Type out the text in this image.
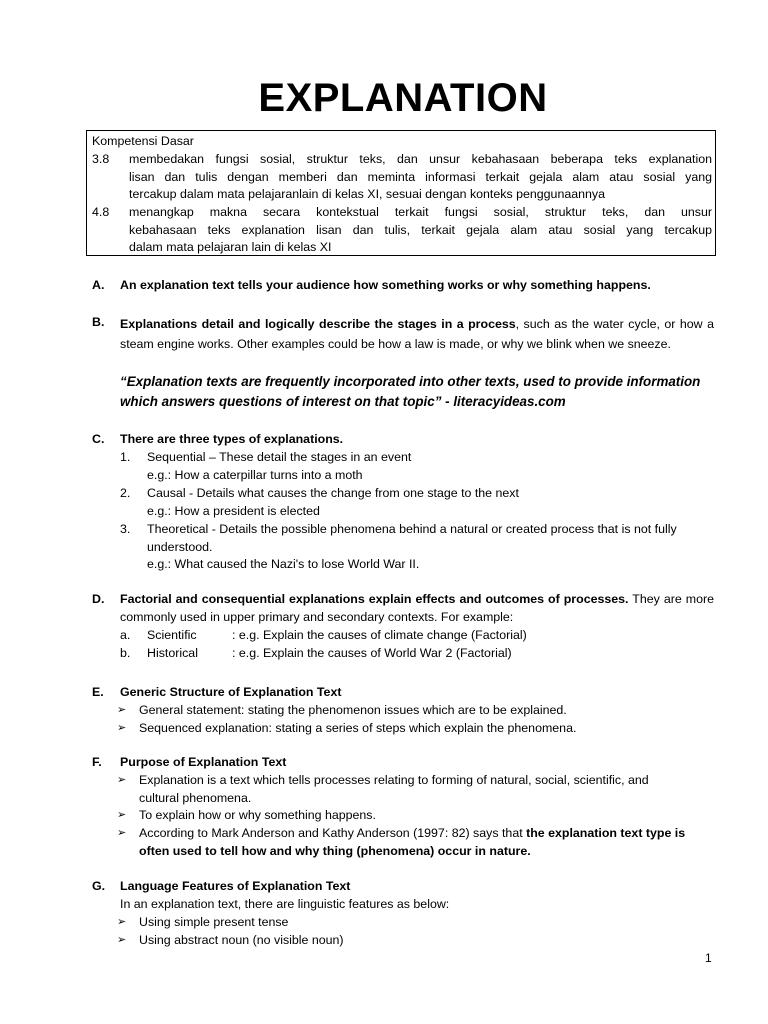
EXPLANATION
Kompetensi Dasar
3.8 membedakan fungsi sosial, struktur teks, dan unsur kebahasaan beberapa teks explanation
lisan dan tulis dengan memberi dan meminta informasi terkait gejala alam atau sosial yang
tercakup dalam mata pelajaranlain di kelas XI, sesuai dengan konteks penggunaannya
4.8 menangkap makna secara kontekstual terkait fungsi sosial, struktur teks, dan unsur
kebahasaan teks explanation lisan dan tulis, terkait gejala alam atau sosial yang tercakup
dalam mata pelajaran lain di kelas XI
A. An explanation text tells your audience how something works or why something happens.
B. Explanations detail and logically describe the stages in a process, such as the water cycle, or how a
steam engine works. Other examples could be how a law is made, or why we blink when we sneeze.
“Explanation texts are frequently incorporated into other texts, used to provide information
which answers questions of interest on that topic” - literacyideas.com
C. There are three types of explanations.
1. Sequential – These detail the stages in an event
e.g.: How a caterpillar turns into a moth
2. Causal - Details what causes the change from one stage to the next
e.g.: How a president is elected
3. Theoretical - Details the possible phenomena behind a natural or created process that is not fully
understood.
e.g.: What caused the Nazi's to lose World War II.
D. Factorial and consequential explanations explain effects and outcomes of processes. They are more
commonly used in upper primary and secondary contexts. For example:
a. Scientific	: e.g. Explain the causes of climate change (Factorial)
b. Historical	: e.g. Explain the causes of World War 2 (Factorial)
E. Generic Structure of Explanation Text
➢ General statement: stating the phenomenon issues which are to be explained.
➢ Sequenced explanation: stating a series of steps which explain the phenomena.
F. Purpose of Explanation Text
➢ Explanation is a text which tells processes relating to forming of natural, social, scientific, and
cultural phenomena.
➢ To explain how or why something happens.
➢ According to Mark Anderson and Kathy Anderson (1997: 82) says that the explanation text type is
often used to tell how and why thing (phenomena) occur in nature.
G. Language Features of Explanation Text
In an explanation text, there are linguistic features as below:
➢ Using simple present tense
➢ Using abstract noun (no visible noun)
1
